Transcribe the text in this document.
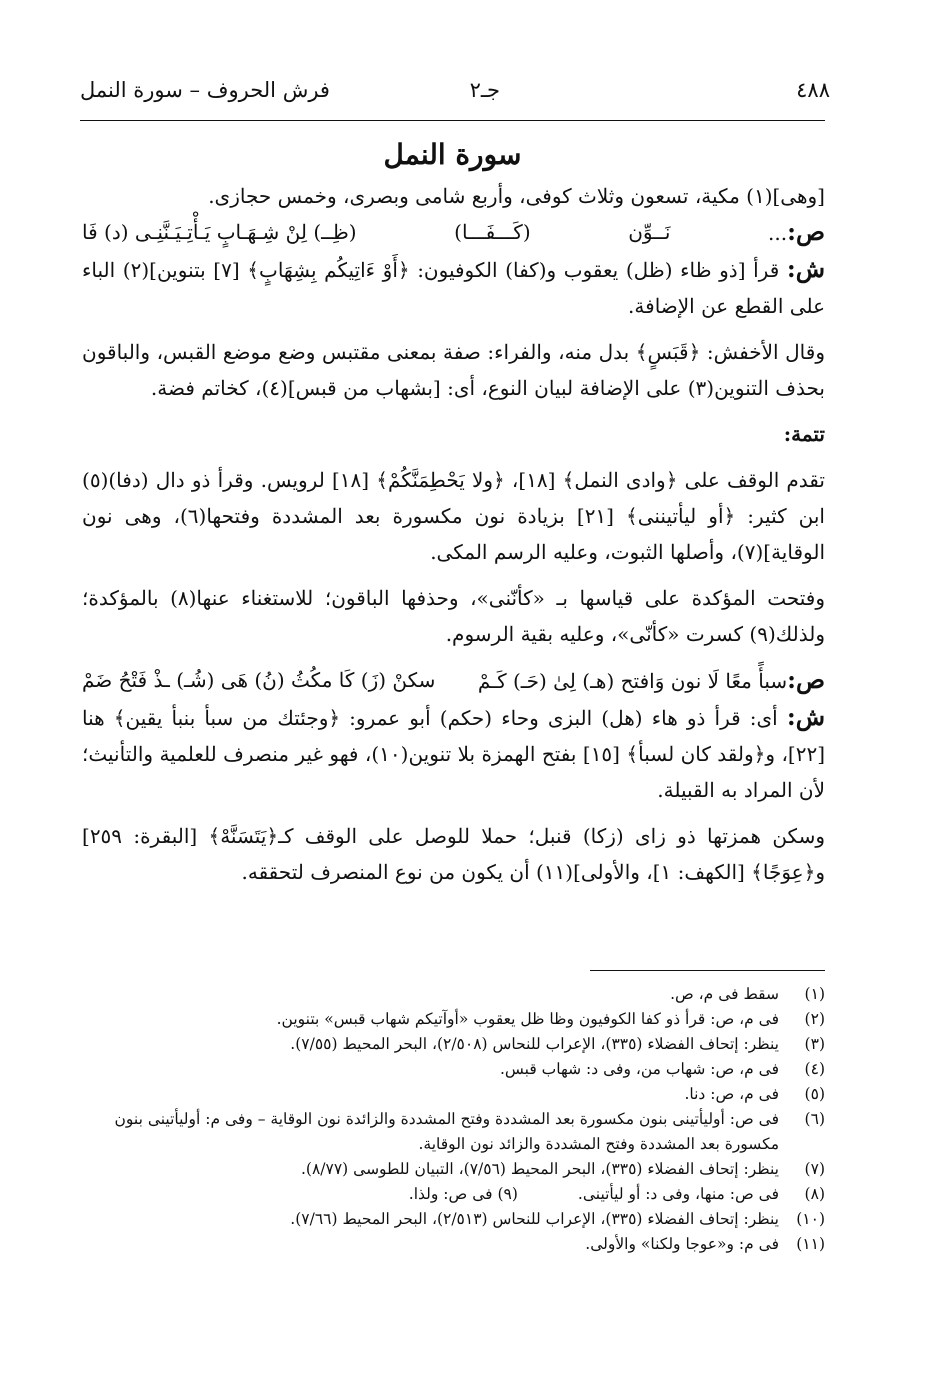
٤٨٨
جـ٢
فرش الحروف – سورة النمل
سورة النمل

[وهى](١) مكية، تسعون وثلاث كوفى، وأربع شامى وبصرى، وخمس حجازى.

ص:...
نَــوِّن
(كَـــفَـــا)
(ظِــ) لِنْ شِـهَـابٍ يَـأْتِـيَـنَّنِـى (د) فَا

ش: قرأ [ذو ظاء (ظل) يعقوب و(كفا) الكوفيون: ﴿أَوْ ءَاتِيكُم بِشِهَابٍ﴾ [٧] بتنوين](٢) الباء على القطع عن الإضافة.

وقال الأخفش: ﴿قَبَسٍ﴾ بدل منه، والفراء: صفة بمعنى مقتبس وضع موضع القبس، والباقون بحذف التنوين(٣) على الإضافة لبيان النوع، أى: [بشهاب من قبس](٤)، كخاتم فضة.

تتمة:

تقدم الوقف على ﴿وادى النمل﴾ [١٨]، ﴿ولا يَحْطِمَنَّكُمْ﴾ [١٨] لرويس. وقرأ ذو دال (دفا)(٥) ابن كثير: ﴿أو ليأتيننى﴾ [٢١] بزيادة نون مكسورة بعد المشددة وفتحها(٦)، وهى نون الوقاية](٧)، وأصلها الثبوت، وعليه الرسم المكى.

وفتحت المؤكدة على قياسها بـ «كأنّنى»، وحذفها الباقون؛ للاستغناء عنها(٨) بالمؤكدة؛ ولذلك(٩) كسرت «كأنّى»، وعليه بقية الرسوم.

ص:سبأً معًا لَا نون وَافتح (هـ) لِىٰ (حَـ) كَـمْ
سكنْ (زَ) كَا مكُثُ (نُ) هَى (شُـ) ـذْ فَتْحُ ضَمْ

ش: أى: قرأ ذو هاء (هل) البزى وحاء (حكم) أبو عمرو: ﴿وجئتك من سبأ بنبأ يقين﴾ هنا [٢٢]، و﴿ولقد كان لسبأ﴾ [١٥] بفتح الهمزة بلا تنوين(١٠)، فهو غير منصرف للعلمية والتأنيث؛ لأن المراد به القبيلة.

وسكن همزتها ذو زاى (زكا) قنبل؛ حملا للوصل على الوقف كـ﴿يَتَسَنَّهْ﴾ [البقرة: ٢٥٩] و﴿عِوَجًا﴾ [الكهف: ١]، والأولى](١١) أن يكون من نوع المنصرف لتحققه.

(١)
سقط فى م، ص.
(٢)
فى م، ص: قرأ ذو كفا الكوفيون وظا ظل يعقوب «أوآتيكم شهاب قبس» بتنوين.
(٣)
ينظر: إتحاف الفضلاء (٣٣٥)، الإعراب للنحاس (٢/٥٠٨)، البحر المحيط (٧/٥٥).
(٤)
فى م، ص: شهاب من، وفى د: شهاب قبس.
(٥)
فى م، ص: دنا.
(٦)
فى ص: أوليأتينى بنون مكسورة بعد المشددة وفتح المشددة والزائدة نون الوقاية – وفى م: أوليأتينى بنون مكسورة بعد المشددة وفتح المشددة والزائد نون الوقاية.
(٧)
ينظر: إتحاف الفضلاء (٣٣٥)، البحر المحيط (٧/٥٦)، التبيان للطوسى (٨/٧٧).
(٨)
فى ص: منها، وفى د: أو ليأتينى.
(٩) فى ص: ولذا.
(١٠)
ينظر: إتحاف الفضلاء (٣٣٥)، الإعراب للنحاس (٢/٥١٣)، البحر المحيط (٧/٦٦).
(١١)
فى م: و«عوجا ولكنا» والأولى.
